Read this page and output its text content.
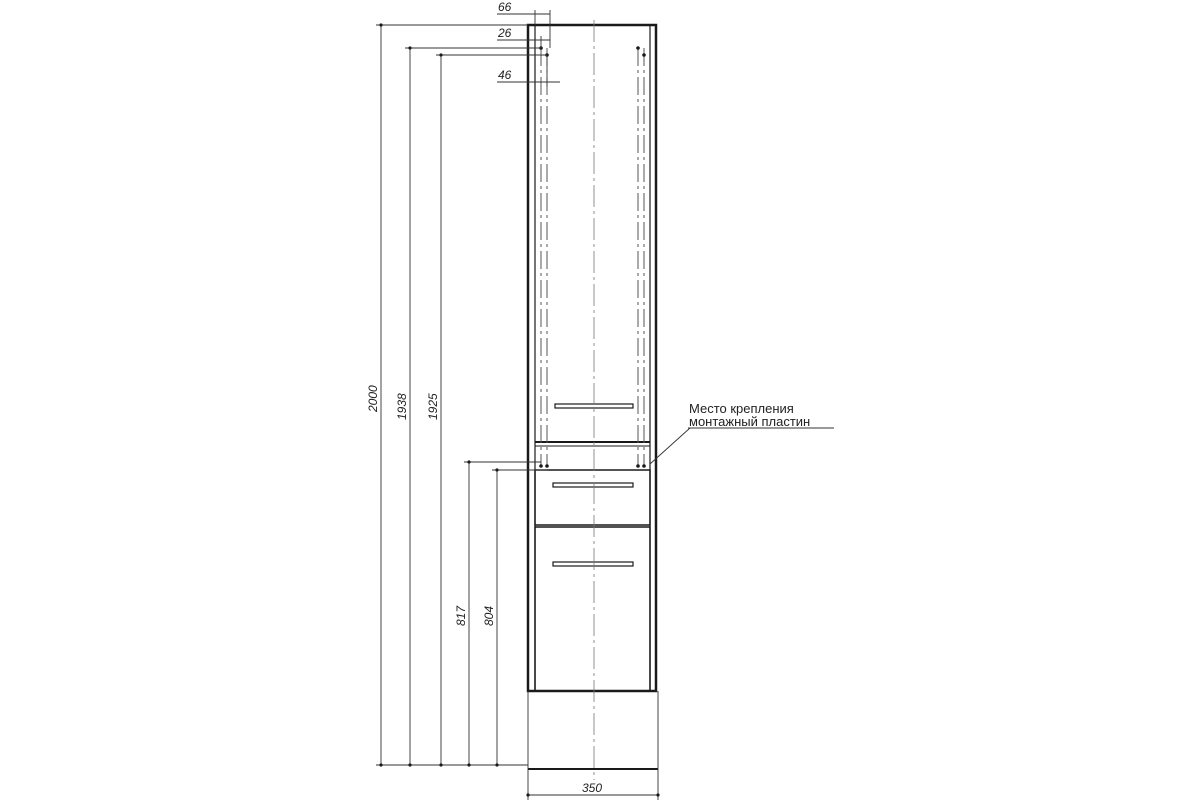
66
26
46
2000 1938 1925
817 804
350
Место крепления
монтажный пластин
